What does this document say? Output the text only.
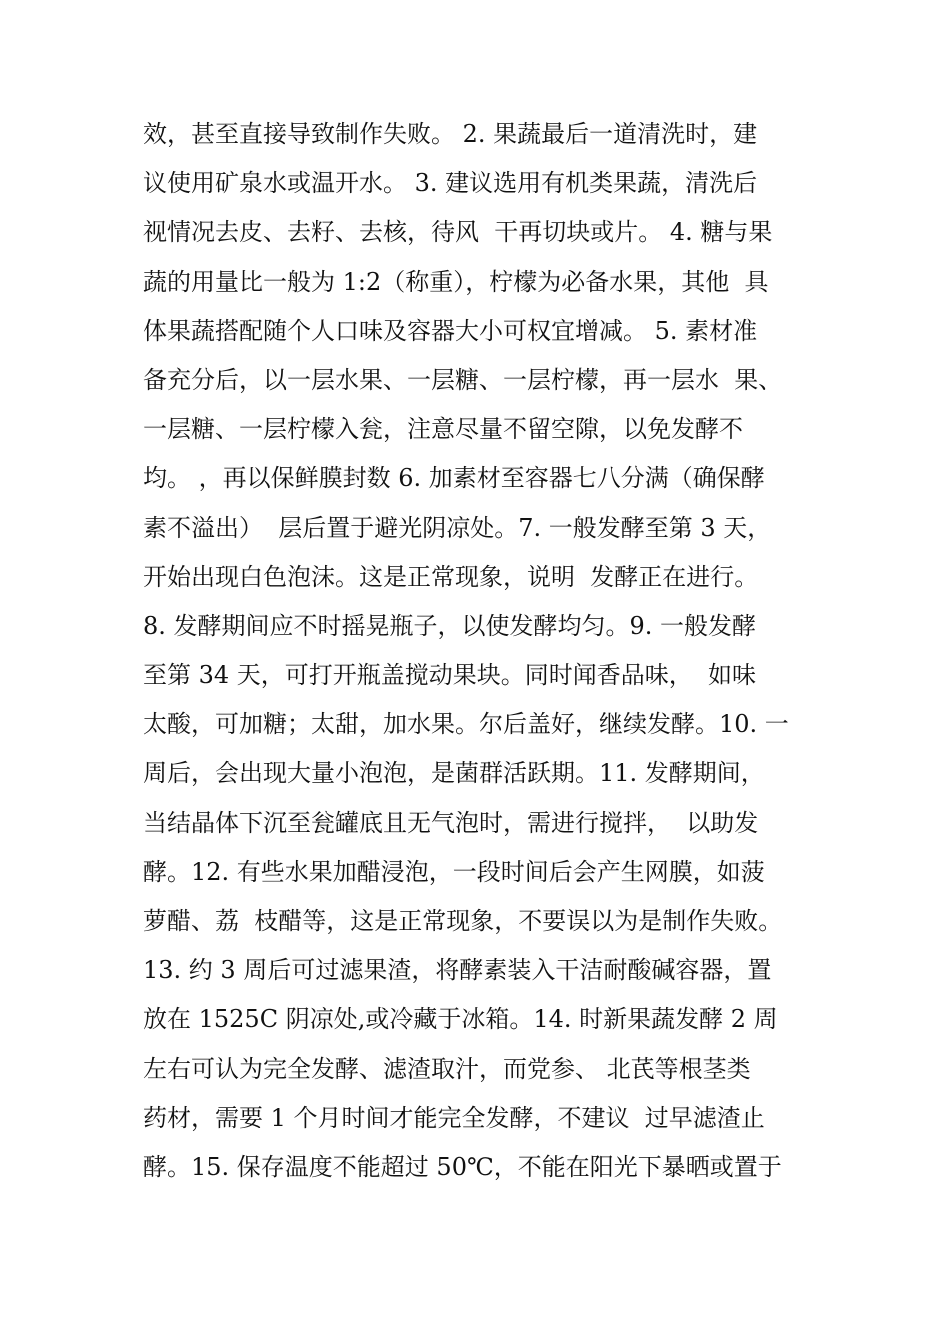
效，甚至直接导致制作失败。 2. 果蔬最后一道清洗时，建
议使用矿泉水或温开水。 3. 建议选用有机类果蔬，清洗后
视情况去皮、去籽、去核，待风  干再切块或片。 4. 糖与果
蔬的用量比一般为 1:2（称重），柠檬为必备水果，其他  具
体果蔬搭配随个人口味及容器大小可权宜增减。 5. 素材准
备充分后，以一层水果、一层糖、一层柠檬，再一层水  果、
一层糖、一层柠檬入瓮，注意尽量不留空隙，以免发酵不
均。 ，再以保鲜膜封数 6. 加素材至容器七八分满（确保酵
素不溢出）  层后置于避光阴凉处。7. 一般发酵至第 3 天，
开始出现白色泡沫。这是正常现象，说明  发酵正在进行。
8. 发酵期间应不时摇晃瓶子，以使发酵均匀。9. 一般发酵
至第 34 天，可打开瓶盖搅动果块。同时闻香品味，  如味
太酸，可加糖；太甜，加水果。尔后盖好，继续发酵。10. 一
周后，会出现大量小泡泡，是菌群活跃期。11. 发酵期间，
当结晶体下沉至瓮罐底且无气泡时，需进行搅拌，  以助发
酵。12. 有些水果加醋浸泡，一段时间后会产生网膜，如菠
萝醋、荔  枝醋等，这是正常现象，不要误以为是制作失败。
13. 约 3 周后可过滤果渣，将酵素装入干洁耐酸碱容器，置
放在 1525C 阴凉处,或冷藏于冰箱。14. 时新果蔬发酵 2 周
左右可认为完全发酵、滤渣取汁，而党参、 北芪等根茎类
药材，需要 1 个月时间才能完全发酵，不建议  过早滤渣止
酵。15. 保存温度不能超过 50℃，不能在阳光下暴晒或置于
